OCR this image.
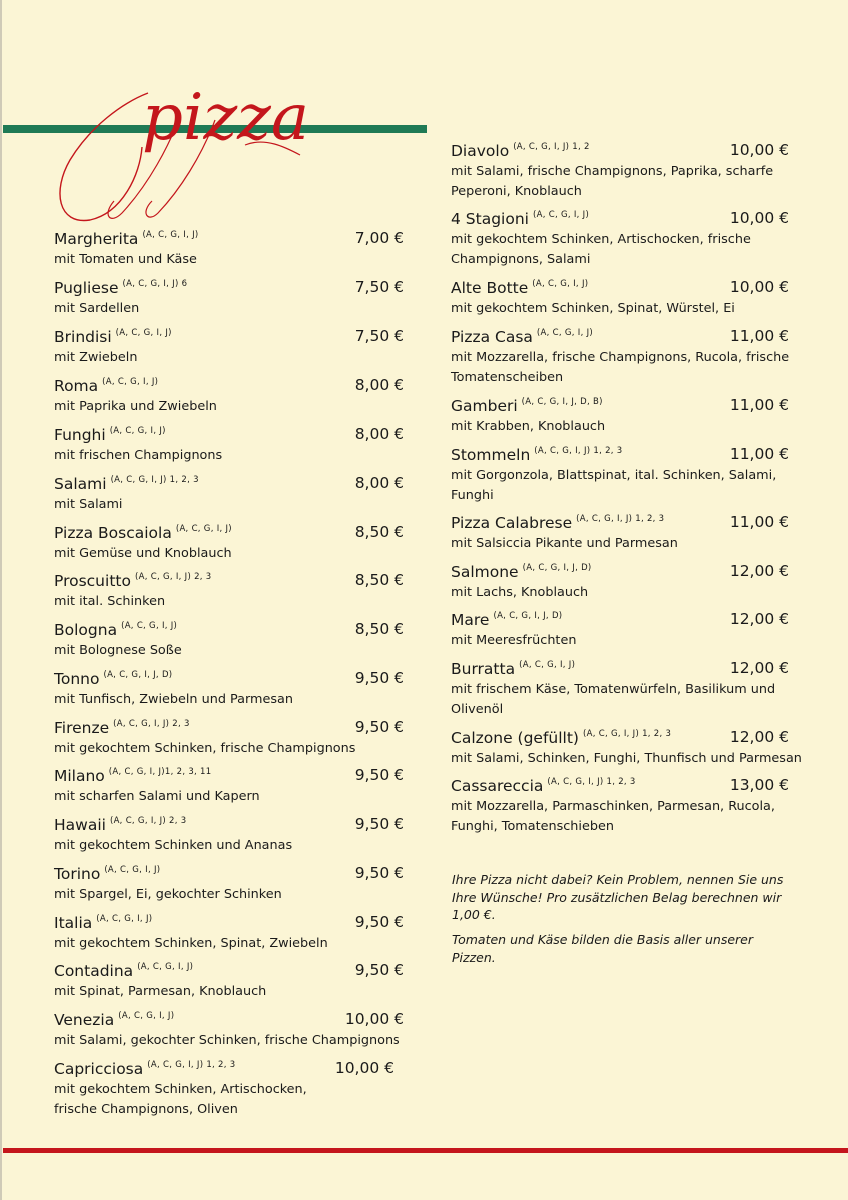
pizza
Margherita $^{(A, C, G, I, J)}$	7,00 €
mit Tomaten und Käse
Pugliese $^{(A, C, G, I, J) 6}$	7,50 €
mit Sardellen
Brindisi $^{(A, C, G, I, J)}$	7,50 €
mit Zwiebeln
Roma $^{(A, C, G, I, J)}$	8,00 €
mit Paprika und Zwiebeln
Funghi $^{(A, C, G, I, J)}$	8,00 €
mit frischen Champignons
Salami $^{(A, C, G, I, J) 1, 2, 3}$	8,00 €
mit Salami
Pizza Boscaiola $^{(A, C, G, I, J)}$	8,50 €
mit Gemüse und Knoblauch
Proscuitto $^{(A, C, G, I, J) 2, 3}$	8,50 €
mit ital. Schinken
Bologna $^{(A, C, G, I, J)}$	8,50 €
mit Bolognese Soße
Tonno $^{(A, C, G, I, J, D)}$	9,50 €
mit Tunfisch, Zwiebeln und Parmesan
Firenze $^{(A, C, G, I, J) 2, 3}$	9,50 €
mit gekochtem Schinken, frische Champignons
Milano $^{(A, C, G, I, J)1, 2, 3, 11}$	9,50 €
mit scharfen Salami und Kapern
Hawaii $^{(A, C, G, I, J) 2, 3}$	9,50 €
mit gekochtem Schinken und Ananas
Torino $^{(A, C, G, I, J)}$	9,50 €
mit Spargel, Ei, gekochter Schinken
Italia $^{(A, C, G, I, J)}$	9,50 €
mit gekochtem Schinken, Spinat, Zwiebeln
Contadina $^{(A, C, G, I, J)}$	9,50 €
mit Spinat, Parmesan, Knoblauch
Venezia $^{(A, C, G, I, J)}$	10,00 €
mit Salami, gekochter Schinken, frische Champignons
Capricciosa $^{(A, C, G, I, J) 1, 2, 3}$	10,00 €
mit gekochtem Schinken, Artischocken, frische Champignons, Oliven
Diavolo $^{(A, C, G, I, J) 1, 2}$	10,00 €
mit Salami, frische Champignons, Paprika, scharfe Peperoni, Knoblauch
4 Stagioni $^{(A, C, G, I, J)}$	10,00 €
mit gekochtem Schinken, Artischocken, frische Champignons, Salami
Alte Botte $^{(A, C, G, I, J)}$	10,00 €
mit gekochtem Schinken, Spinat, Würstel, Ei
Pizza Casa $^{(A, C, G, I, J)}$	11,00 €
mit Mozzarella, frische Champignons, Rucola, frische Tomatenscheiben
Gamberi $^{(A, C, G, I, J, D, B)}$	11,00 €
mit Krabben, Knoblauch
Stommeln $^{(A, C, G, I, J) 1, 2, 3}$	11,00 €
mit Gorgonzola, Blattspinat, ital. Schinken, Salami, Funghi
Pizza Calabrese $^{(A, C, G, I, J) 1, 2, 3}$	11,00 €
mit Salsiccia Pikante und Parmesan
Salmone $^{(A, C, G, I, J, D)}$	12,00 €
mit Lachs, Knoblauch
Mare $^{(A, C, G, I, J, D)}$	12,00 €
mit Meeresfrüchten
Burratta $^{(A, C, G, I, J)}$	12,00 €
mit frischem Käse, Tomatenwürfeln, Basilikum und Olivenöl
Calzone (gefüllt) $^{(A, C, G, I, J) 1, 2, 3}$	12,00 €
mit Salami, Schinken, Funghi, Thunfisch und Parmesan
Cassareccia $^{(A, C, G, I, J) 1, 2, 3}$	13,00 €
mit Mozzarella, Parmaschinken, Parmesan, Rucola, Funghi, Tomatenschieben
Ihre Pizza nicht dabei? Kein Problem, nennen Sie uns Ihre Wünsche! Pro zusätzlichen Belag berechnen wir 1,00 €.
Tomaten und Käse bilden die Basis aller unserer Pizzen.
